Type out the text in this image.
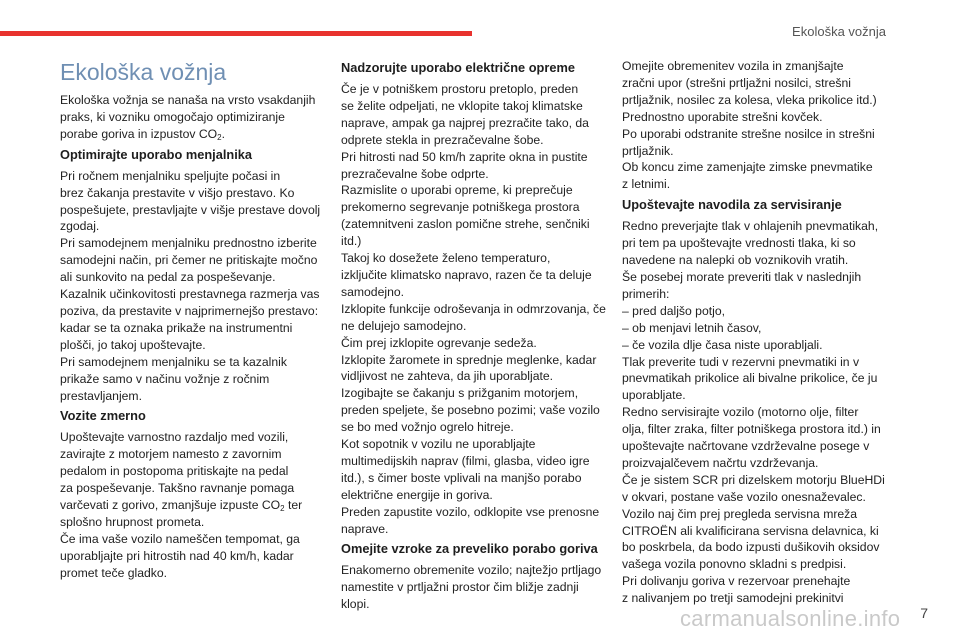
Ekološka vožnja
Ekološka vožnja

Ekološka vožnja se nanaša na vrsto vsakdanjih
praks, ki vozniku omogočajo optimiziranje
porabe goriva in izpustov $CO_2$.

Optimirajte uporabo menjalnika

Pri ročnem menjalniku speljujte počasi in
brez čakanja prestavite v višjo prestavo. Ko
pospešujete, prestavljajte v višje prestave dovolj
zgodaj.
Pri samodejnem menjalniku prednostno izberite
samodejni način, pri čemer ne pritiskajte močno
ali sunkovito na pedal za pospeševanje.
Kazalnik učinkovitosti prestavnega razmerja vas
poziva, da prestavite v najprimernejšo prestavo:
kadar se ta oznaka prikaže na instrumentni
plošči, jo takoj upoštevajte.
Pri samodejnem menjalniku se ta kazalnik
prikaže samo v načinu vožnje z ročnim
prestavljanjem.

Vozite zmerno

Upoštevajte varnostno razdaljo med vozili,
zavirajte z motorjem namesto z zavornim
pedalom in postopoma pritiskajte na pedal
za pospeševanje. Takšno ravnanje pomaga
varčevati z gorivo, zmanjšuje izpuste $CO_2$ ter
splošno hrupnost prometa.
Če ima vaše vozilo nameščen tempomat, ga
uporabljajte pri hitrostih nad 40 km/h, kadar
promet teče gladko.

Nadzorujte uporabo električne opreme

Če je v potniškem prostoru pretoplo, preden
se želite odpeljati, ne vklopite takoj klimatske
naprave, ampak ga najprej prezračite tako, da
odprete stekla in prezračevalne šobe.
Pri hitrosti nad 50 km/h zaprite okna in pustite
prezračevalne šobe odprte.
Razmislite o uporabi opreme, ki preprečuje
prekomerno segrevanje potniškega prostora
(zatemnitveni zaslon pomične strehe, senčniki
itd.)
Takoj ko dosežete želeno temperaturo,
izključite klimatsko napravo, razen če ta deluje
samodejno.
Izklopite funkcije odroševanja in odmrzovanja, če
ne delujejo samodejno.
Čim prej izklopite ogrevanje sedeža.
Izklopite žaromete in sprednje meglenke, kadar
vidljivost ne zahteva, da jih uporabljate.
Izogibajte se čakanju s prižganim motorjem,
preden speljete, še posebno pozimi; vaše vozilo
se bo med vožnjo ogrelo hitreje.
Kot sopotnik v vozilu ne uporabljajte
multimedijskih naprav (filmi, glasba, video igre
itd.), s čimer boste vplivali na manjšo porabo
električne energije in goriva.
Preden zapustite vozilo, odklopite vse prenosne
naprave.

Omejite vzroke za preveliko porabo goriva

Enakomerno obremenite vozilo; najtežjo prtljago
namestite v prtljažni prostor čim bližje zadnji
klopi.

Omejite obremenitev vozila in zmanjšajte
zračni upor (strešni prtljažni nosilci, strešni
prtljažnik, nosilec za kolesa, vleka prikolice itd.)
Prednostno uporabite strešni kovček.
Po uporabi odstranite strešne nosilce in strešni
prtljažnik.
Ob koncu zime zamenjajte zimske pnevmatike
z letnimi.

Upoštevajte navodila za servisiranje

Redno preverjajte tlak v ohlajenih pnevmatikah,
pri tem pa upoštevajte vrednosti tlaka, ki so
navedene na nalepki ob voznikovih vratih.
Še posebej morate preveriti tlak v naslednjih
primerih:
– pred daljšo potjo,
– ob menjavi letnih časov,
– če vozila dlje časa niste uporabljali.
Tlak preverite tudi v rezervni pnevmatiki in v
pnevmatikah prikolice ali bivalne prikolice, če ju
uporabljate.
Redno servisirajte vozilo (motorno olje, filter
olja, filter zraka, filter potniškega prostora itd.) in
upoštevajte načrtovane vzdrževalne posege v
proizvajalčevem načrtu vzdrževanja.
Če je sistem SCR pri dizelskem motorju BlueHDi
v okvari, postane vaše vozilo onesnaževalec.
Vozilo naj čim prej pregleda servisna mreža
CITROËN ali kvalificirana servisna delavnica, ki
bo poskrbela, da bodo izpusti dušikovih oksidov
vašega vozila ponovno skladni s predpisi.
Pri dolivanju goriva v rezervoar prenehajte
z nalivanjem po tretji samodejni prekinitvi

carmanualsonline.info 7
